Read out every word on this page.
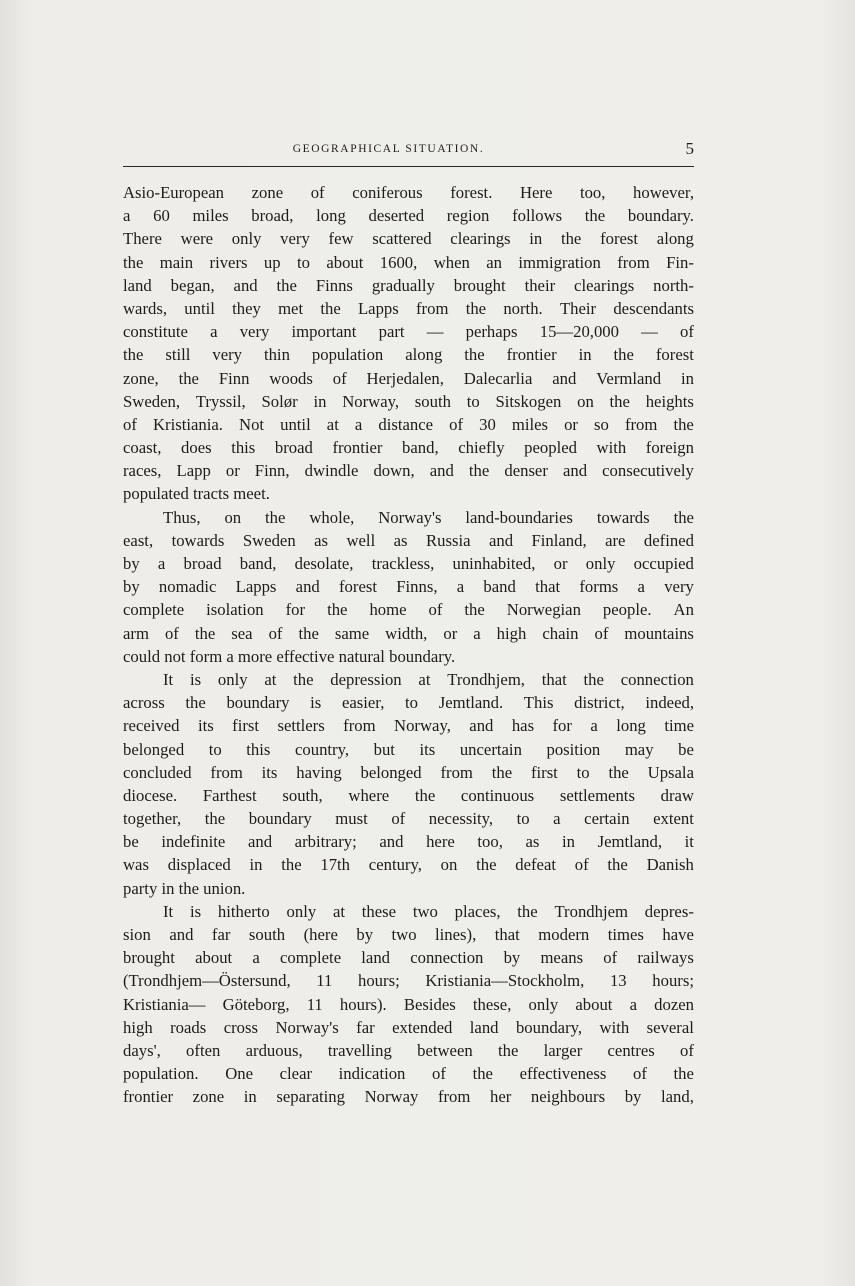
GEOGRAPHICAL SITUATION.	5
Asio-European zone of coniferous forest. Here too, however,
a 60 miles broad, long deserted region follows the boundary.
There were only very few scattered clearings in the forest along
the main rivers up to about 1600, when an immigration from Fin-
land began, and the Finns gradually brought their clearings north-
wards, until they met the Lapps from the north. Their descendants
constitute a very important part — perhaps 15—20,000 — of
the still very thin population along the frontier in the forest
zone, the Finn woods of Herjedalen, Dalecarlia and Vermland in
Sweden, Tryssil, Solør in Norway, south to Sitskogen on the heights
of Kristiania. Not until at a distance of 30 miles or so from the
coast, does this broad frontier band, chiefly peopled with foreign
races, Lapp or Finn, dwindle down, and the denser and consecutively
populated tracts meet.
Thus, on the whole, Norway's land-boundaries towards the
east, towards Sweden as well as Russia and Finland, are defined
by a broad band, desolate, trackless, uninhabited, or only occupied
by nomadic Lapps and forest Finns, a band that forms a very
complete isolation for the home of the Norwegian people. An
arm of the sea of the same width, or a high chain of mountains
could not form a more effective natural boundary.
It is only at the depression at Trondhjem, that the connection
across the boundary is easier, to Jemtland. This district, indeed,
received its first settlers from Norway, and has for a long time
belonged to this country, but its uncertain position may be
concluded from its having belonged from the first to the Upsala
diocese. Farthest south, where the continuous settlements draw
together, the boundary must of necessity, to a certain extent
be indefinite and arbitrary; and here too, as in Jemtland, it
was displaced in the 17th century, on the defeat of the Danish
party in the union.
It is hitherto only at these two places, the Trondhjem depres-
sion and far south (here by two lines), that modern times have
brought about a complete land connection by means of railways
(Trondhjem—Östersund, 11 hours; Kristiania—Stockholm, 13 hours;
Kristiania— Göteborg, 11 hours). Besides these, only about a dozen
high roads cross Norway's far extended land boundary, with several
days', often arduous, travelling between the larger centres of
population. One clear indication of the effectiveness of the
frontier zone in separating Norway from her neighbours by land,
